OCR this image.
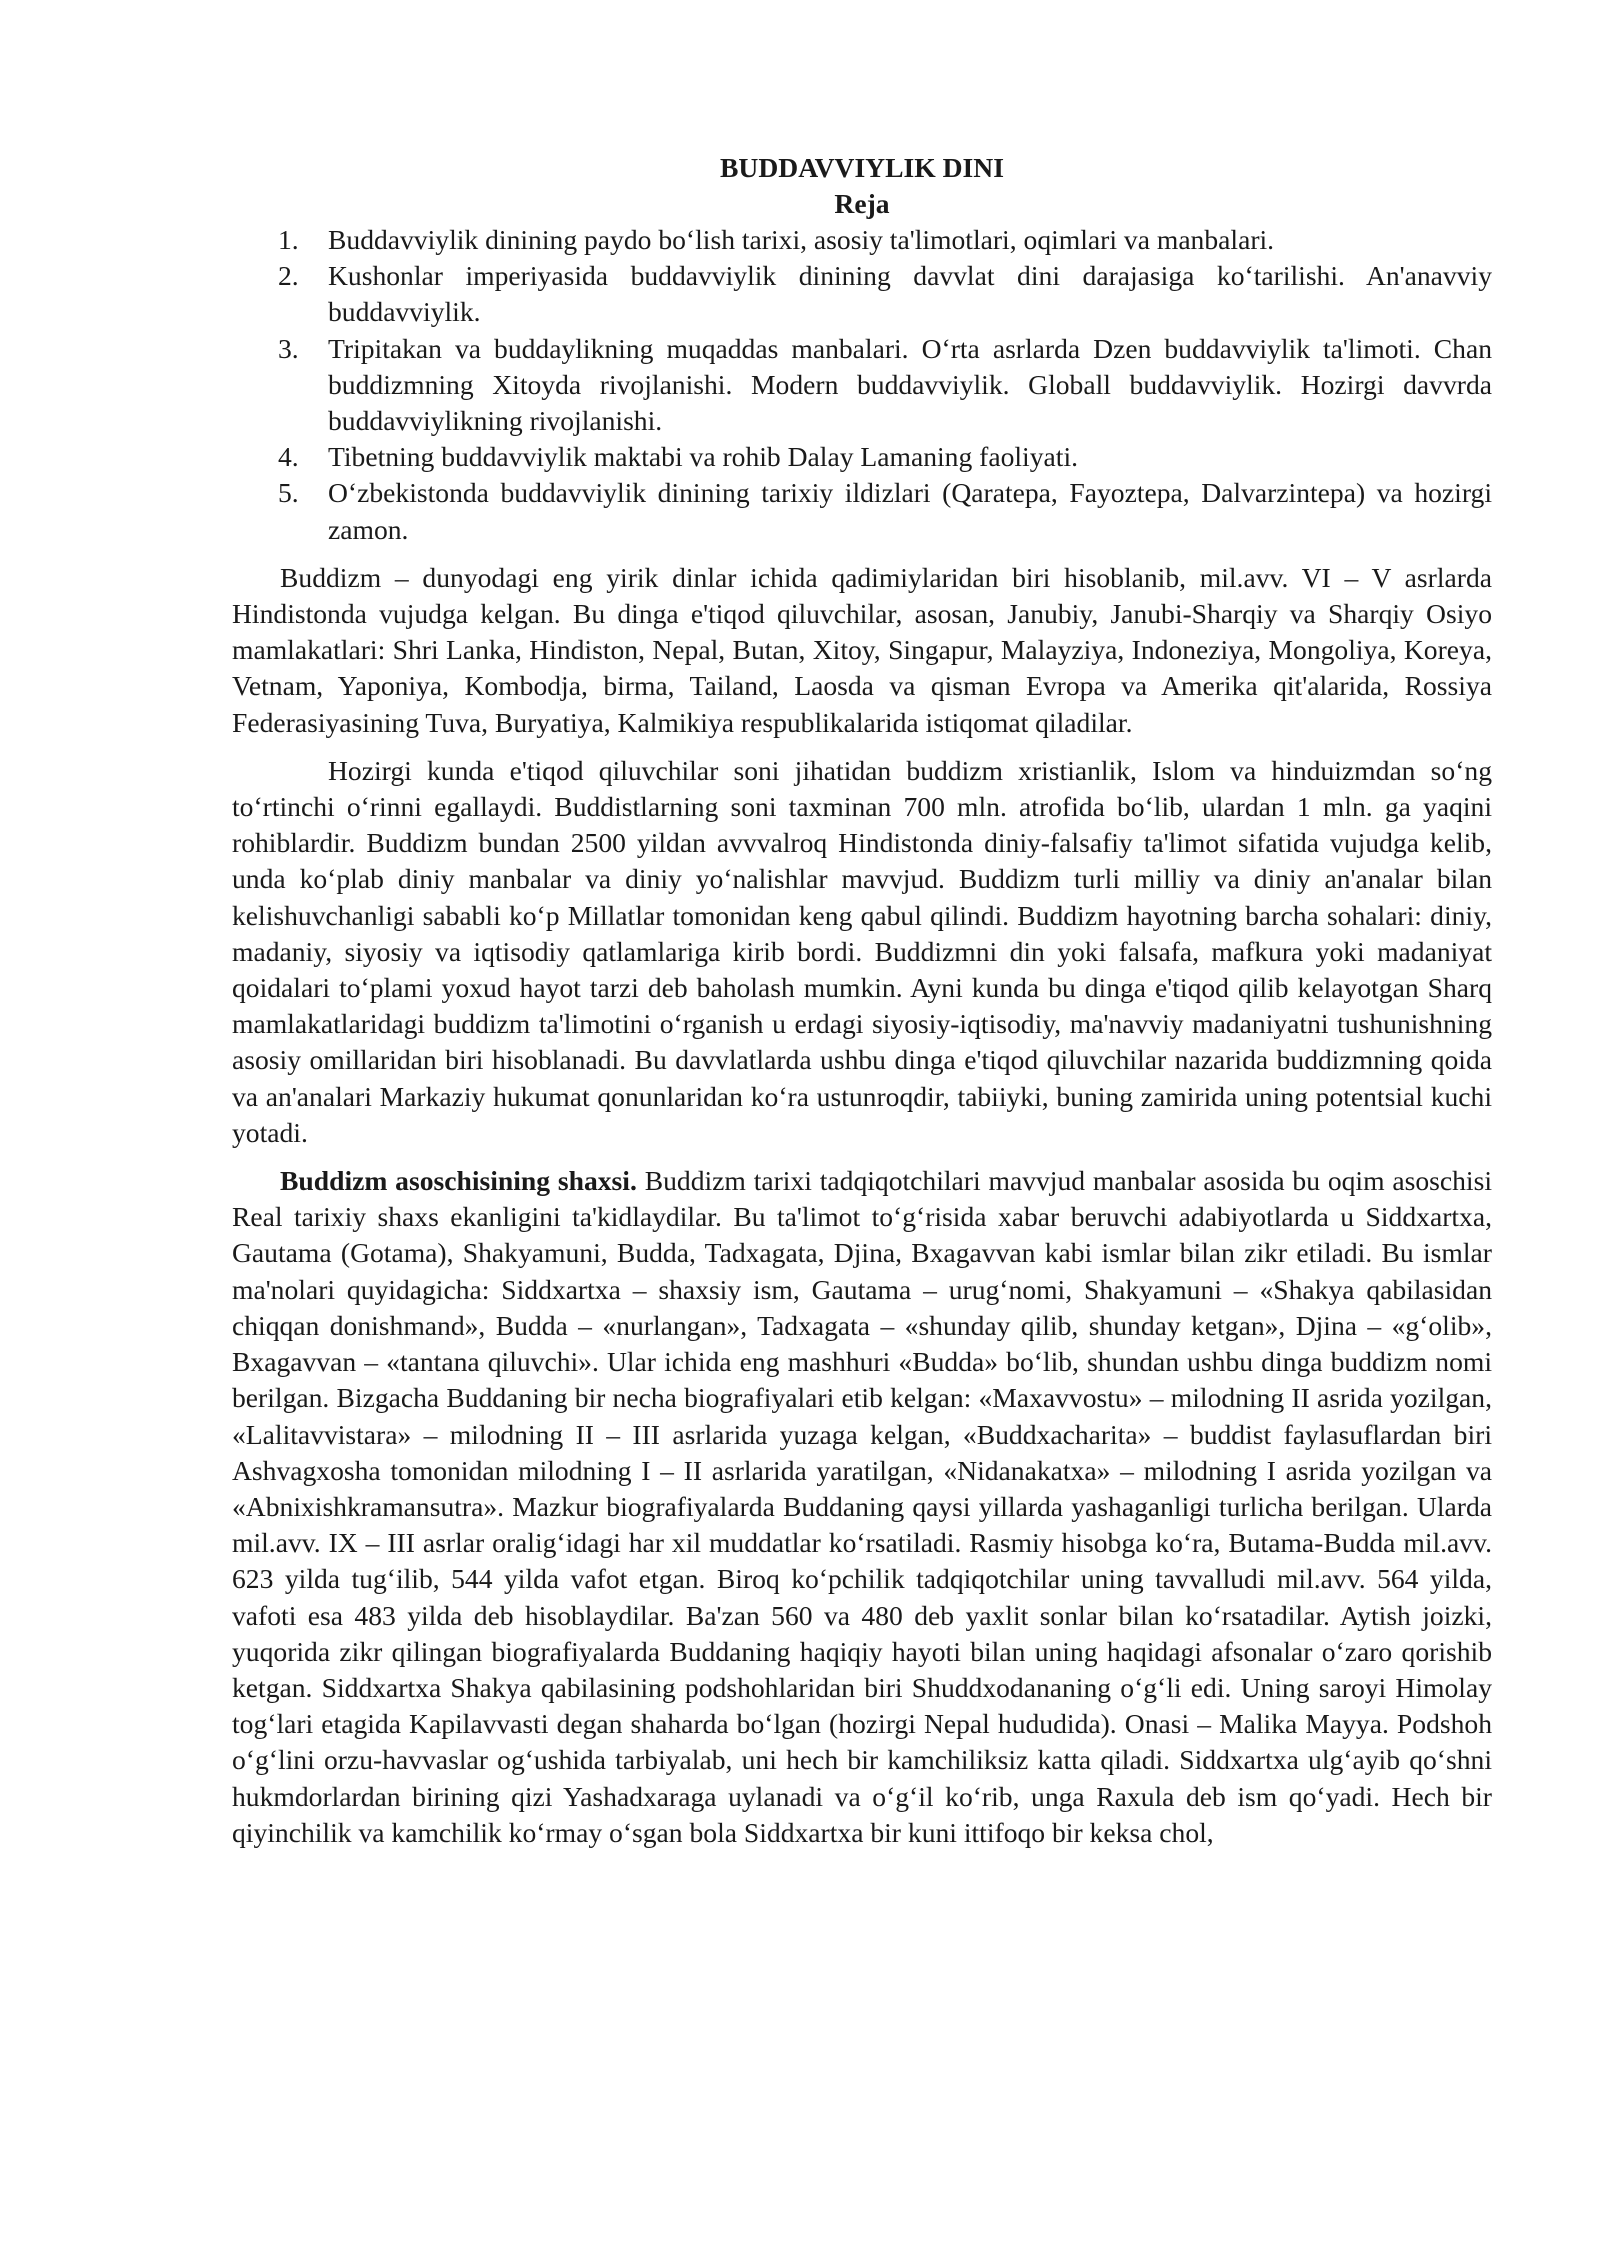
BUDDAVVIYLIK DINI
Reja
1. Buddavviylik dinining paydo bo‘lish tarixi, asosiy ta'limotlari, oqimlari va manbalari.
2. Kushonlar imperiyasida buddavviylik dinining davvlat dini darajasiga ko‘tarilishi. An'anavviy buddavviylik.
3. Tripitakan va buddaylikning muqaddas manbalari. O‘rta asrlarda Dzen buddavviylik ta'limoti. Chan buddizmning Xitoyda rivojlanishi. Modern buddavviylik. Globall buddavviylik. Hozirgi davvrda buddavviylikning rivojlanishi.
4. Tibetning buddavviylik maktabi va rohib Dalay Lamaning faoliyati.
5. O‘zbekistonda buddavviylik dinining tarixiy ildizlari (Qaratepa, Fayoztepa, Dalvarzintepa) va hozirgi zamon.

Buddizm – dunyodagi eng yirik dinlar ichida qadimiylaridan biri hisoblanib, mil.avv. VI – V asrlarda Hindistonda vujudga kelgan. Bu dinga e'tiqod qiluvchilar, asosan, Janubiy, Janubi-Sharqiy va Sharqiy Osiyo mamlakatlari: Shri Lanka, Hindiston, Nepal, Butan, Xitoy, Singapur, Malayziya, Indoneziya, Mongoliya, Koreya, Vetnam, Yaponiya, Kombodja, birma, Tailand, Laosda va qisman Evropa va Amerika qit'alarida, Rossiya Federasiyasining Tuva, Buryatiya, Kalmikiya respublikalarida istiqomat qiladilar.

Hozirgi kunda e'tiqod qiluvchilar soni jihatidan buddizm xristianlik, Islom va hinduizmdan so‘ng to‘rtinchi o‘rinni egallaydi. Buddistlarning soni taxminan 700 mln. atrofida bo‘lib, ulardan 1 mln. ga yaqini rohiblardir. Buddizm bundan 2500 yildan avvvalroq Hindistonda diniy-falsafiy ta'limot sifatida vujudga kelib, unda ko‘plab diniy manbalar va diniy yo‘nalishlar mavvjud. Buddizm turli milliy va diniy an'analar bilan kelishuvchanligi sababli ko‘p Millatlar tomonidan keng qabul qilindi. Buddizm hayotning barcha sohalari: diniy, madaniy, siyosiy va iqtisodiy qatlamlariga kirib bordi. Buddizmni din yoki falsafa, mafkura yoki madaniyat qoidalari to‘plami yoxud hayot tarzi deb baholash mumkin. Ayni kunda bu dinga e'tiqod qilib kelayotgan Sharq mamlakatlaridagi buddizm ta'limotini o‘rganish u erdagi siyosiy-iqtisodiy, ma'navviy madaniyatni tushunishning asosiy omillaridan biri hisoblanadi. Bu davvlatlarda ushbu dinga e'tiqod qiluvchilar nazarida buddizmning qoida va an'analari Markaziy hukumat qonunlaridan ko‘ra ustunroqdir, tabiiyki, buning zamirida uning potentsial kuchi yotadi.

Buddizm asoschisining shaxsi. Buddizm tarixi tadqiqotchilari mavvjud manbalar asosida bu oqim asoschisi Real tarixiy shaxs ekanligini ta'kidlaydilar. Bu ta'limot to‘g‘risida xabar beruvchi adabiyotlarda u Siddxartxa, Gautama (Gotama), Shakyamuni, Budda, Tadxagata, Djina, Bxagavvan kabi ismlar bilan zikr etiladi. Bu ismlar ma'nolari quyidagicha: Siddxartxa – shaxsiy ism, Gautama – urug‘nomi, Shakyamuni – «Shakya qabilasidan chiqqan donishmand», Budda – «nurlangan», Tadxagata – «shunday qilib, shunday ketgan», Djina – «g‘olib», Bxagavvan – «tantana qiluvchi». Ular ichida eng mashhuri «Budda» bo‘lib, shundan ushbu dinga buddizm nomi berilgan. Bizgacha Buddaning bir necha biografiyalari etib kelgan: «Maxavvostu» – milodning II asrida yozilgan, «Lalitavvistara» – milodning II – III asrlarida yuzaga kelgan, «Buddxacharita» – buddist faylasuflardan biri Ashvagxosha tomonidan milodning I – II asrlarida yaratilgan, «Nidanakatxa» – milodning I asrida yozilgan va «Abnixishkramansutra». Mazkur biografiyalarda Buddaning qaysi yillarda yashaganligi turlicha berilgan. Ularda mil.avv. IX – III asrlar oralig‘idagi har xil muddatlar ko‘rsatiladi. Rasmiy hisobga ko‘ra, Butama-Budda mil.avv. 623 yilda tug‘ilib, 544 yilda vafot etgan. Biroq ko‘pchilik tadqiqotchilar uning tavvalludi mil.avv. 564 yilda, vafoti esa 483 yilda deb hisoblaydilar. Ba'zan 560 va 480 deb yaxlit sonlar bilan ko‘rsatadilar. Aytish joizki, yuqorida zikr qilingan biografiyalarda Buddaning haqiqiy hayoti bilan uning haqidagi afsonalar o‘zaro qorishib ketgan. Siddxartxa Shakya qabilasining podshohlaridan biri Shuddxodananing o‘g‘li edi. Uning saroyi Himolay tog‘lari etagida Kapilavvasti degan shaharda bo‘lgan (hozirgi Nepal hududida). Onasi – Malika Mayya. Podshoh o‘g‘lini orzu-havvaslar og‘ushida tarbiyalab, uni hech bir kamchiliksiz katta qiladi. Siddxartxa ulg‘ayib qo‘shni hukmdorlardan birining qizi Yashadxaraga uylanadi va o‘g‘il ko‘rib, unga Raxula deb ism qo‘yadi. Hech bir qiyinchilik va kamchilik ko‘rmay o‘sgan bola Siddxartxa bir kuni ittifoqo bir keksa chol,
